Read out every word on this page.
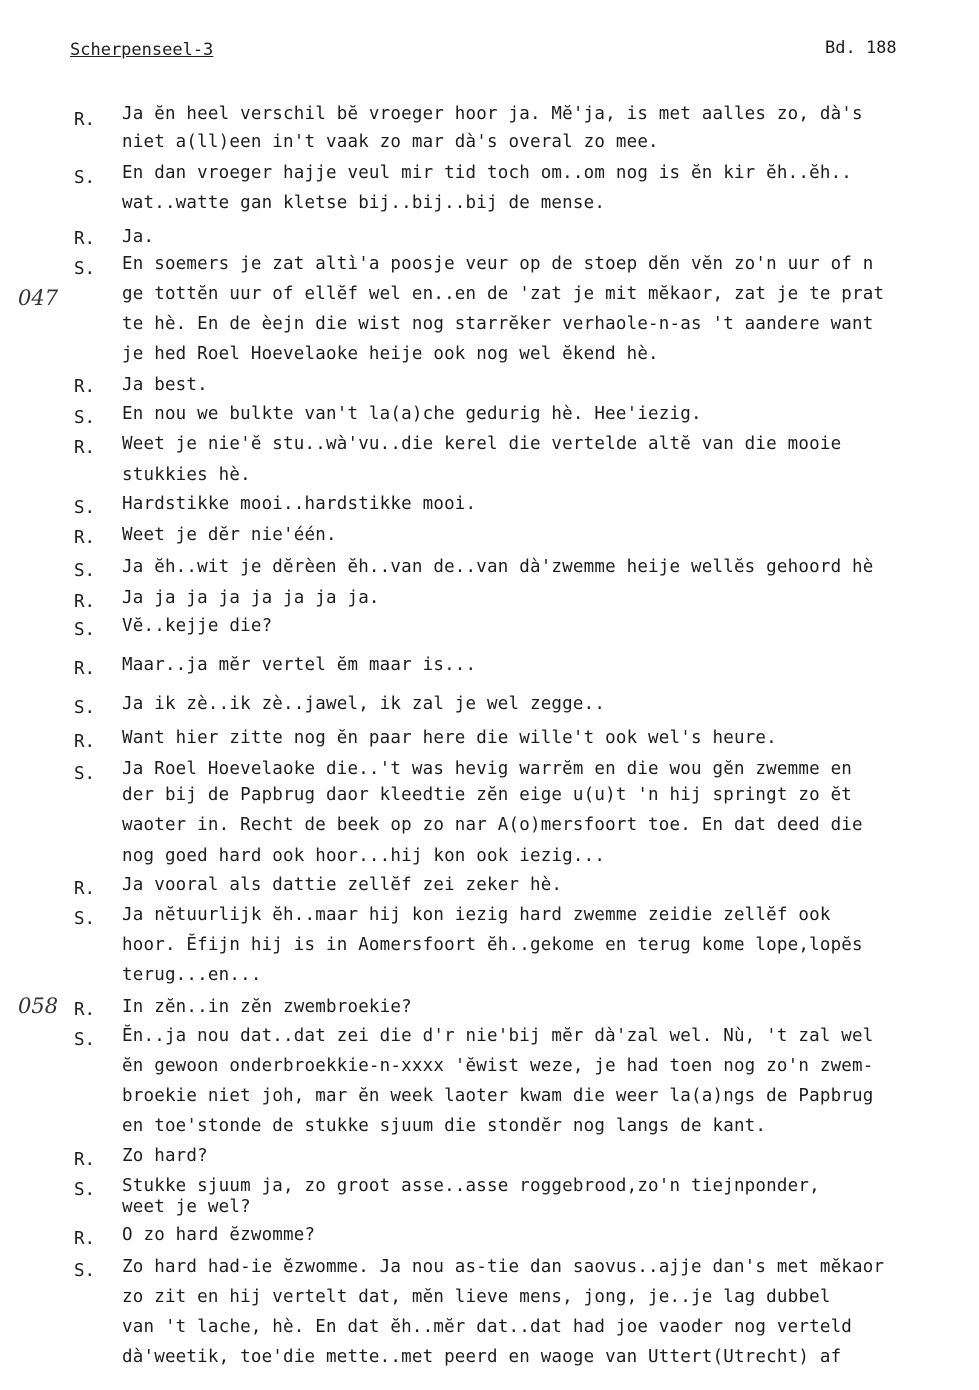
Scherpenseel-3	Bd. 188
047
058
R. Ja ĕn heel verschil bĕ vroeger hoor ja. Mĕ'ja, is met aalles zo, dà's
niet a(ll)een in't vaak zo mar dà's overal zo mee.
S. En dan vroeger hajje veul mir tid toch om..om nog is ĕn kir ĕh..ĕh..
wat..watte gan kletse bij..bij..bij de mense.
R. Ja.
S. En soemers je zat altì'a poosje veur op de stoep dĕn vĕn zo'n uur of n
ge tottĕn uur of ellĕf wel en..en de 'zat je mit mĕkaor, zat je te prat
te hè. En de èejn die wist nog starrĕker verhaole-n-as 't aandere want
je hed Roel Hoevelaoke heije ook nog wel ĕkend hè.
R. Ja best.
S. En nou we bulkte van't la(a)che gedurig hè. Hee'iezig.
R. Weet je nie'ĕ stu..wà'vu..die kerel die vertelde altĕ van die mooie
stukkies hè.
S. Hardstikke mooi..hardstikke mooi.
R. Weet je dĕr nie'één.
S. Ja ĕh..wit je dĕrèen ĕh..van de..van dà'zwemme heije wellĕs gehoord hè
R. Ja ja ja ja ja ja ja ja.
S. Vĕ..kejje die?
R. Maar..ja mĕr vertel ĕm maar is...
S. Ja ik zè..ik zè..jawel, ik zal je wel zegge..
R. Want hier zitte nog ĕn paar here die wille't ook wel's heure.
S. Ja Roel Hoevelaoke die..'t was hevig warrĕm en die wou gĕn zwemme en
der bij de Papbrug daor kleedtie zĕn eige u(u)t 'n hij springt zo ĕt
waoter in. Recht de beek op zo nar A(o)mersfoort toe. En dat deed die
nog goed hard ook hoor...hij kon ook iezig...
R. Ja vooral als dattie zellĕf zei zeker hè.
S. Ja nĕtuurlijk ĕh..maar hij kon iezig hard zwemme zeidie zellĕf ook
hoor. Ĕfijn hij is in Aomersfoort ĕh..gekome en terug kome lope,lopĕs
terug...en...
R. In zĕn..in zĕn zwembroekie?
S. Ĕn..ja nou dat..dat zei die d'r nie'bij mĕr dà'zal wel. Nù, 't zal wel
ĕn gewoon onderbroekkie-n-xxxx 'ĕwist weze, je had toen nog zo'n zwem-
broekie niet joh, mar ĕn week laoter kwam die weer la(a)ngs de Papbrug
en toe'stonde de stukke sjuum die stondĕr nog langs de kant.
R. Zo hard?
S. Stukke sjuum ja, zo groot asse..asse roggebrood,zo'n tiejnponder,
weet je wel?
R. O zo hard ĕzwomme?
S. Zo hard had-ie ĕzwomme. Ja nou as-tie dan saovus..ajje dan's met mĕkaor
zo zit en hij vertelt dat, mĕn lieve mens, jong, je..je lag dubbel
van 't lache, hè. En dat ĕh..mĕr dat..dat had joe vaoder nog verteld
dà'weetik, toe'die mette..met peerd en waoge van Uttert(Utrecht) af
